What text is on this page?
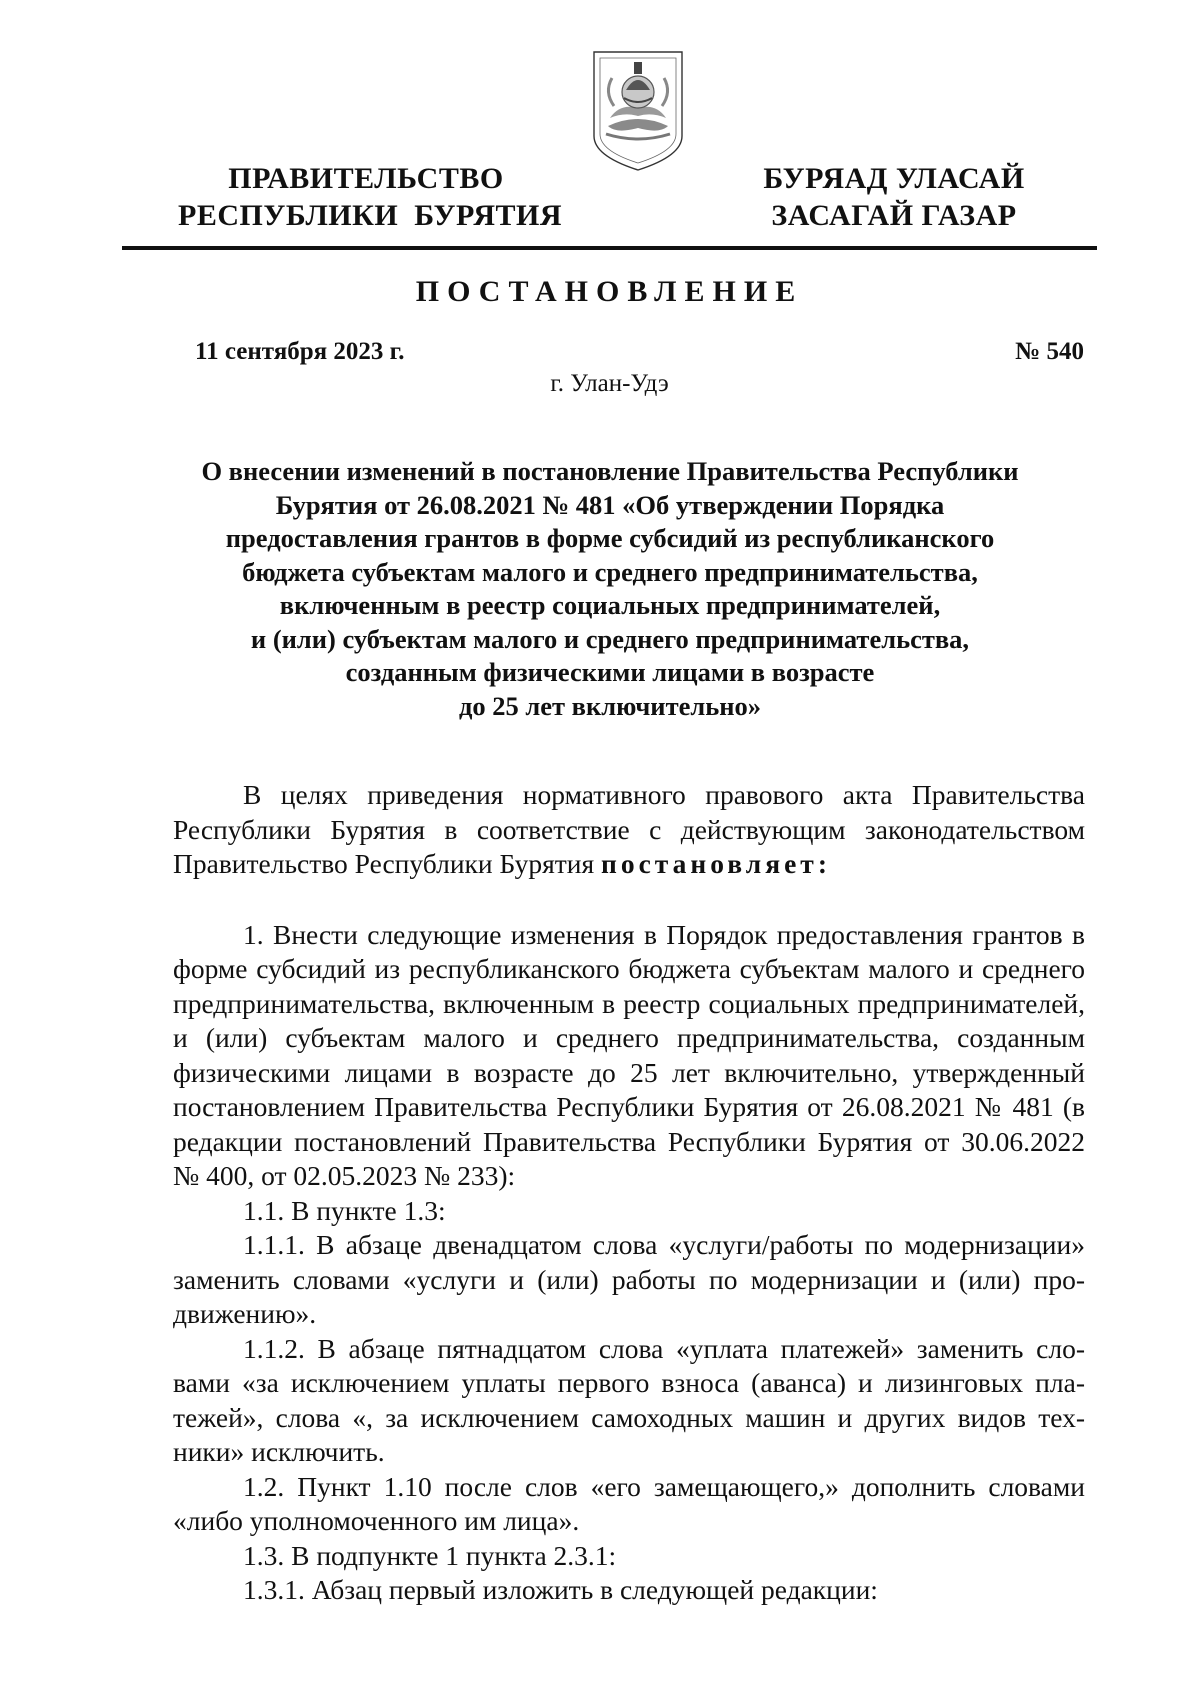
ПРАВИТЕЛЬСТВО
РЕСПУБЛИКИ  БУРЯТИЯ
БУРЯАД УЛАСАЙ
ЗАСАГАЙ ГАЗАР
ПОСТАНОВЛЕНИЕ
11 сентября 2023 г.	№ 540
г. Улан-Удэ
О внесении изменений в постановление Правительства Республики
Бурятия от 26.08.2021 № 481 «Об утверждении Порядка
предоставления грантов в форме субсидий из республиканского
бюджета субъектам малого и среднего предпринимательства,
включенным в реестр социальных предпринимателей,
и (или) субъектам малого и среднего предпринимательства,
созданным физическими лицами в возрасте
до 25 лет включительно»

В целях приведения нормативного правового акта Правительства Республики Бурятия в соответствие с действующим законодательством Правительство Республики Бурятия постановляет:

1. Внести следующие изменения в Порядок предоставления грантов в форме субсидий из республиканского бюджета субъектам малого и среднего предпринимательства, включенным в реестр социальных предпринимателей, и (или) субъектам малого и среднего предпринимательства, созданным физическими лицами в возрасте до 25 лет включительно, утвержденный постановлением Правительства Республики Бурятия от 26.08.2021 № 481 (в редакции постановлений Правительства Республики Бурятия от 30.06.2022 № 400, от 02.05.2023 № 233):

1.1. В пункте 1.3:

1.1.1. В абзаце двенадцатом слова «услуги/работы по модернизации» заменить словами «услуги и (или) работы по модернизации и (или) продвижению».

1.1.2. В абзаце пятнадцатом слова «уплата платежей» заменить словами «за исключением уплаты первого взноса (аванса) и лизинговых платежей», слова «, за исключением самоходных машин и других видов техники» исключить.

1.2. Пункт 1.10 после слов «его замещающего,» дополнить словами «либо уполномоченного им лица».

1.3. В подпункте 1 пункта 2.3.1:

1.3.1. Абзац первый изложить в следующей редакции:
